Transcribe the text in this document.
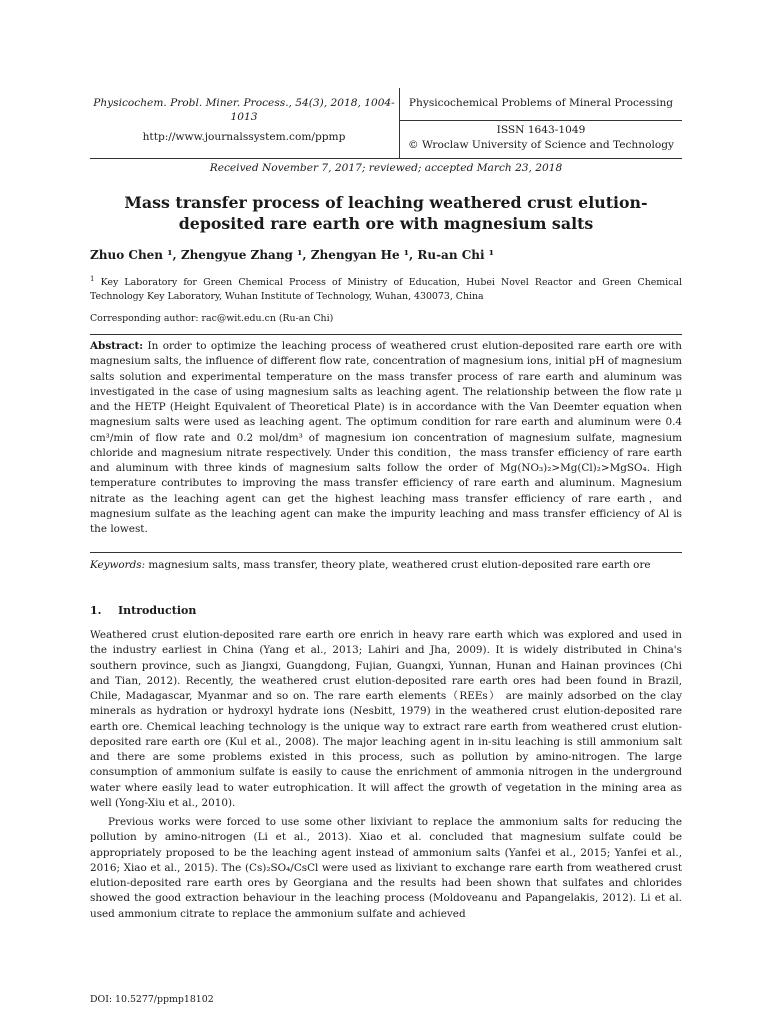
Physicochem. Probl. Miner. Process., 54(3), 2018, 1004-1013
http://www.journalssystem.com/ppmp
Physicochemical Problems of Mineral Processing
ISSN 1643-1049
© Wroclaw University of Science and Technology
Received November 7, 2017; reviewed; accepted March 23, 2018
Mass transfer process of leaching weathered crust elution-deposited rare earth ore with magnesium salts
Zhuo Chen ¹, Zhengyue Zhang ¹, Zhengyan He ¹, Ru-an Chi ¹
$^1$ Key Laboratory for Green Chemical Process of Ministry of Education, Hubei Novel Reactor and Green Chemical Technology Key Laboratory, Wuhan Institute of Technology, Wuhan, 430073, China
Corresponding author: rac@wit.edu.cn (Ru-an Chi)

Abstract: In order to optimize the leaching process of weathered crust elution-deposited rare earth ore with magnesium salts, the influence of different flow rate, concentration of magnesium ions, initial pH of magnesium salts solution and experimental temperature on the mass transfer process of rare earth and aluminum was investigated in the case of using magnesium salts as leaching agent. The relationship between the flow rate μ and the HETP (Height Equivalent of Theoretical Plate) is in accordance with the Van Deemter equation when magnesium salts were used as leaching agent. The optimum condition for rare earth and aluminum were 0.4 cm³/min of flow rate and 0.2 mol/dm³ of magnesium ion concentration of magnesium sulfate, magnesium chloride and magnesium nitrate respectively. Under this condition，the mass transfer efficiency of rare earth and aluminum with three kinds of magnesium salts follow the order of Mg(NO₃)₂>Mg(Cl)₂>MgSO₄. High temperature contributes to improving the mass transfer efficiency of rare earth and aluminum. Magnesium nitrate as the leaching agent can get the highest leaching mass transfer efficiency of rare earth，and magnesium sulfate as the leaching agent can make the impurity leaching and mass transfer efficiency of Al is the lowest.

Keywords: magnesium salts, mass transfer, theory plate, weathered crust elution-deposited rare earth ore
1. Introduction

Weathered crust elution-deposited rare earth ore enrich in heavy rare earth which was explored and used in the industry earliest in China (Yang et al., 2013; Lahiri and Jha, 2009). It is widely distributed in China's southern province, such as Jiangxi, Guangdong, Fujian, Guangxi, Yunnan, Hunan and Hainan provinces (Chi and Tian, 2012). Recently, the weathered crust elution-deposited rare earth ores had been found in Brazil, Chile, Madagascar, Myanmar and so on. The rare earth elements（REEs） are mainly adsorbed on the clay minerals as hydration or hydroxyl hydrate ions (Nesbitt, 1979) in the weathered crust elution-deposited rare earth ore. Chemical leaching technology is the unique way to extract rare earth from weathered crust elution-deposited rare earth ore (Kul et al., 2008). The major leaching agent in in-situ leaching is still ammonium salt and there are some problems existed in this process, such as pollution by amino-nitrogen. The large consumption of ammonium sulfate is easily to cause the enrichment of ammonia nitrogen in the underground water where easily lead to water eutrophication. It will affect the growth of vegetation in the mining area as well (Yong-Xiu et al., 2010).

Previous works were forced to use some other lixiviant to replace the ammonium salts for reducing the pollution by amino-nitrogen (Li et al., 2013). Xiao et al. concluded that magnesium sulfate could be appropriately proposed to be the leaching agent instead of ammonium salts (Yanfei et al., 2015; Yanfei et al., 2016; Xiao et al., 2015). The (Cs)₂SO₄/CsCl were used as lixiviant to exchange rare earth from weathered crust elution-deposited rare earth ores by Georgiana and the results had been shown that sulfates and chlorides showed the good extraction behaviour in the leaching process (Moldoveanu and Papangelakis, 2012). Li et al. used ammonium citrate to replace the ammonium sulfate and achieved

DOI: 10.5277/ppmp18102
